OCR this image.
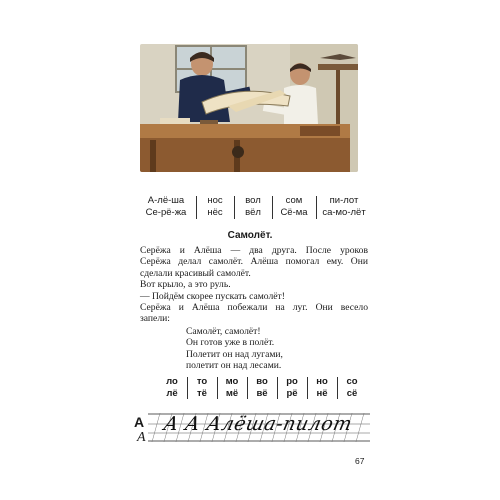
А-лё-ша
Се-рё-жа
нос
нёс
вол
вёл
сом
Сё-ма
пи-лот
са-мо-лёт
Самолёт.
Серёжа и Алёша — два друга. После уроков
Серёжа делал самолёт. Алёша помогал ему. Они
сделали красивый самолёт.
Вот крыло, а это руль.
— Пойдём скорее пускать самолёт!
Серёжа и Алёша побежали на луг. Они весело
запели:
Самолёт, самолёт!
Он готов уже в полёт.
Полетит он над лугами,
полетит он над лесами.
ло
лё
то
тё
мо
мё
во
вё
ро
рё
но
нё
со
сё
А
А
А А Алёша-пилот
67
